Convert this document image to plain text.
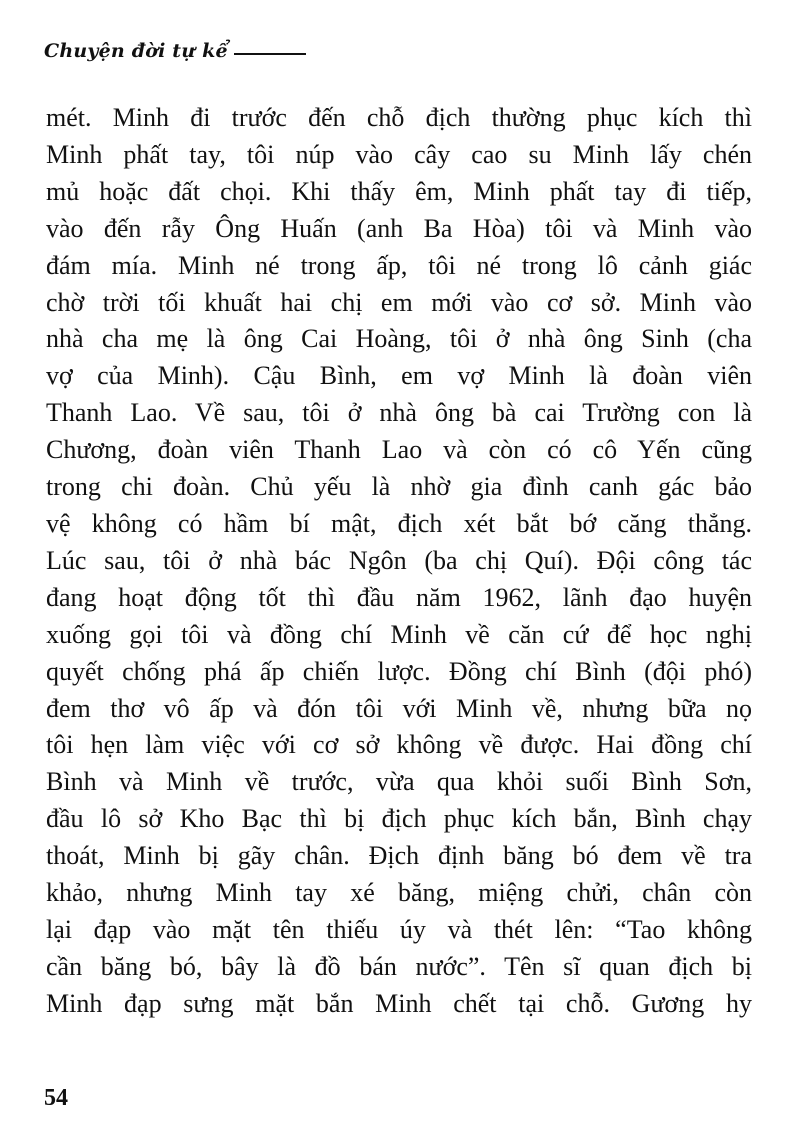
Chuyện đời tự kể
mét. Minh đi trước đến chỗ địch thường phục kích thì
Minh phất tay, tôi núp vào cây cao su Minh lấy chén
mủ hoặc đất chọi. Khi thấy êm, Minh phất tay đi tiếp,
vào đến rẫy Ông Huấn (anh Ba Hòa) tôi và Minh vào
đám mía. Minh né trong ấp, tôi né trong lô cảnh giác
chờ trời tối khuất hai chị em mới vào cơ sở. Minh vào
nhà cha mẹ là ông Cai Hoàng, tôi ở nhà ông Sinh (cha
vợ của Minh). Cậu Bình, em vợ Minh là đoàn viên
Thanh Lao. Về sau, tôi ở nhà ông bà cai Trường con là
Chương, đoàn viên Thanh Lao và còn có cô Yến cũng
trong chi đoàn. Chủ yếu là nhờ gia đình canh gác bảo
vệ không có hầm bí mật, địch xét bắt bớ căng thẳng.
Lúc sau, tôi ở nhà bác Ngôn (ba chị Quí). Đội công tác
đang hoạt động tốt thì đầu năm 1962, lãnh đạo huyện
xuống gọi tôi và đồng chí Minh về căn cứ để học nghị
quyết chống phá ấp chiến lược. Đồng chí Bình (đội phó)
đem thơ vô ấp và đón tôi với Minh về, nhưng bữa nọ
tôi hẹn làm việc với cơ sở không về được. Hai đồng chí
Bình và Minh về trước, vừa qua khỏi suối Bình Sơn,
đầu lô sở Kho Bạc thì bị địch phục kích bắn, Bình chạy
thoát, Minh bị gãy chân. Địch định băng bó đem về tra
khảo, nhưng Minh tay xé băng, miệng chửi, chân còn
lại đạp vào mặt tên thiếu úy và thét lên: “Tao không
cần băng bó, bây là đồ bán nước”. Tên sĩ quan địch bị
Minh đạp sưng mặt bắn Minh chết tại chỗ. Gương hy
54
